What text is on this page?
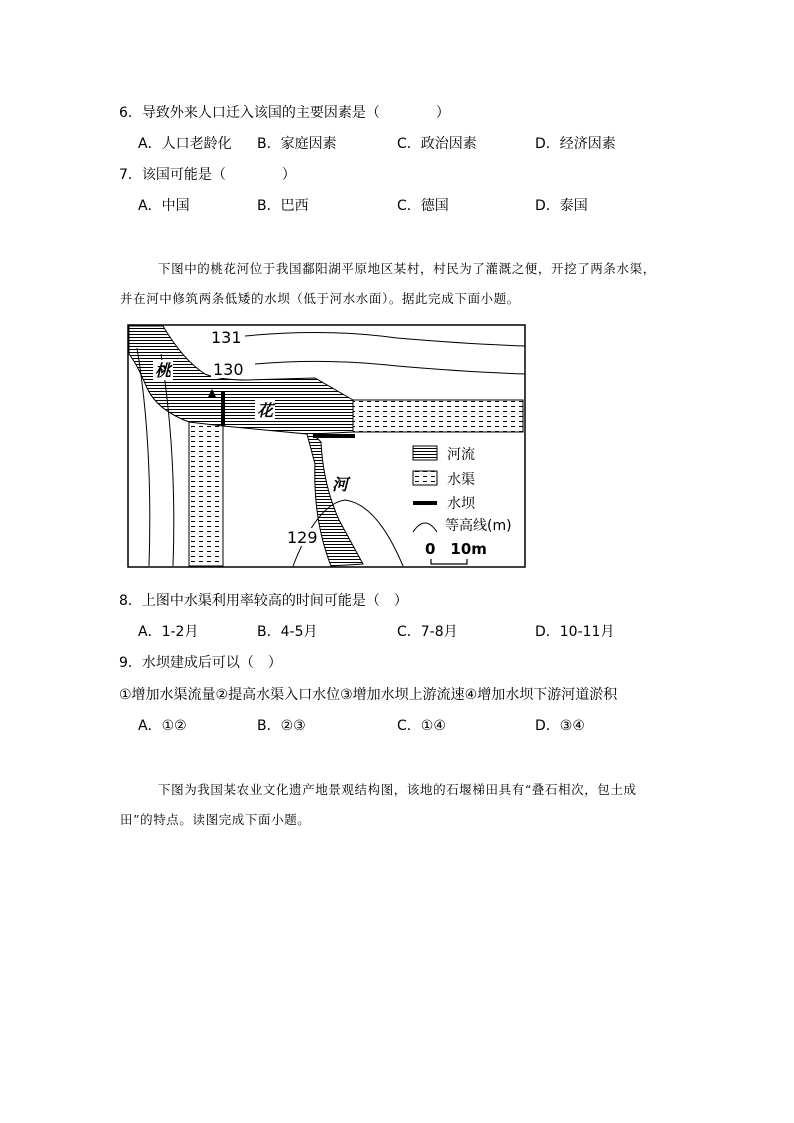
6．导致外来人口迁入该国的主要因素是（　　　　）
A．人口老龄化 B．家庭因素	C．政治因素	D．经济因素
7．该国可能是（　　　　）
A．中国	B．巴西	C．德国	D．泰国
下图中的桃花河位于我国鄱阳湖平原地区某村，村民为了灌溉之便，开挖了两条水渠，
并在河中修筑两条低矮的水坝（低于河水水面）。据此完成下面小题。
131
130
129
桃
花
河
河流
水渠
水坝
等高线(m)
0　10m
8．上图中水渠利用率较高的时间可能是（　）
A．1-2月	B．4-5月	C．7-8月	D．10-11月
9．水坝建成后可以（　）
①增加水渠流量②提高水渠入口水位③增加水坝上游流速④增加水坝下游河道淤积
A．①②	B．②③	C．①④	D．③④
下图为我国某农业文化遗产地景观结构图，该地的石堰梯田具有“叠石相次，包土成
田”的特点。读图完成下面小题。
